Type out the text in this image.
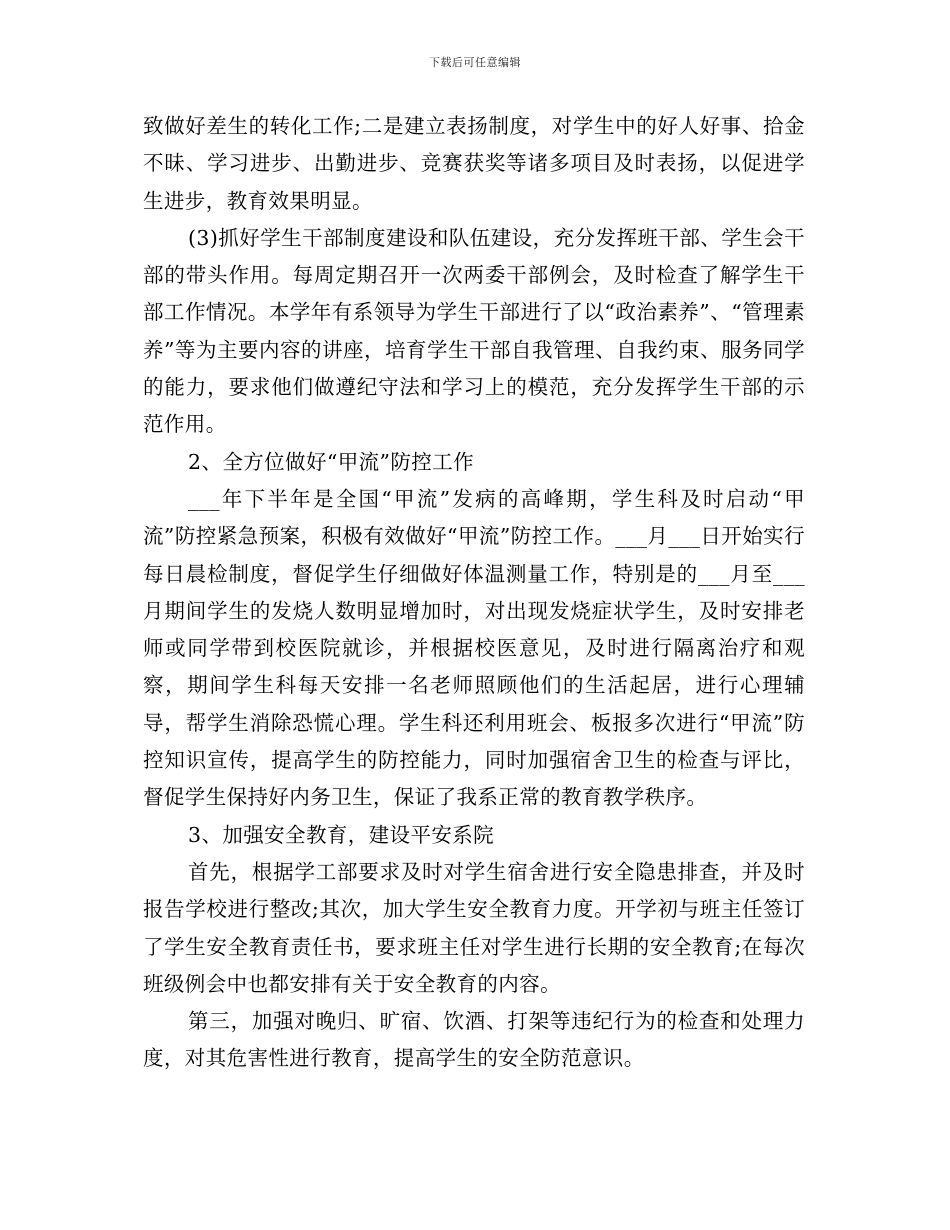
下载后可任意编辑

致做好差生的转化工作;二是建立表扬制度，对学生中的好人好事、拾金不昧、学习进步、出勤进步、竞赛获奖等诸多项目及时表扬，以促进学生进步，教育效果明显。

(3)抓好学生干部制度建设和队伍建设，充分发挥班干部、学生会干部的带头作用。每周定期召开一次两委干部例会，及时检查了解学生干部工作情况。本学年有系领导为学生干部进行了以“政治素养”、“管理素养”等为主要内容的讲座，培育学生干部自我管理、自我约束、服务同学的能力，要求他们做遵纪守法和学习上的模范，充分发挥学生干部的示范作用。

2、全方位做好“甲流”防控工作

___年下半年是全国“甲流”发病的高峰期，学生科及时启动“甲流”防控紧急预案，积极有效做好“甲流”防控工作。___月___日开始实行每日晨检制度，督促学生仔细做好体温测量工作，特别是的___月至___月期间学生的发烧人数明显增加时，对出现发烧症状学生，及时安排老师或同学带到校医院就诊，并根据校医意见，及时进行隔离治疗和观察，期间学生科每天安排一名老师照顾他们的生活起居，进行心理辅导，帮学生消除恐慌心理。学生科还利用班会、板报多次进行“甲流”防控知识宣传，提高学生的防控能力，同时加强宿舍卫生的检查与评比，督促学生保持好内务卫生，保证了我系正常的教育教学秩序。

3、加强安全教育，建设平安系院

首先，根据学工部要求及时对学生宿舍进行安全隐患排查，并及时报告学校进行整改;其次，加大学生安全教育力度。开学初与班主任签订了学生安全教育责任书，要求班主任对学生进行长期的安全教育;在每次班级例会中也都安排有关于安全教育的内容。

第三，加强对晚归、旷宿、饮酒、打架等违纪行为的检查和处理力度，对其危害性进行教育，提高学生的安全防范意识。
